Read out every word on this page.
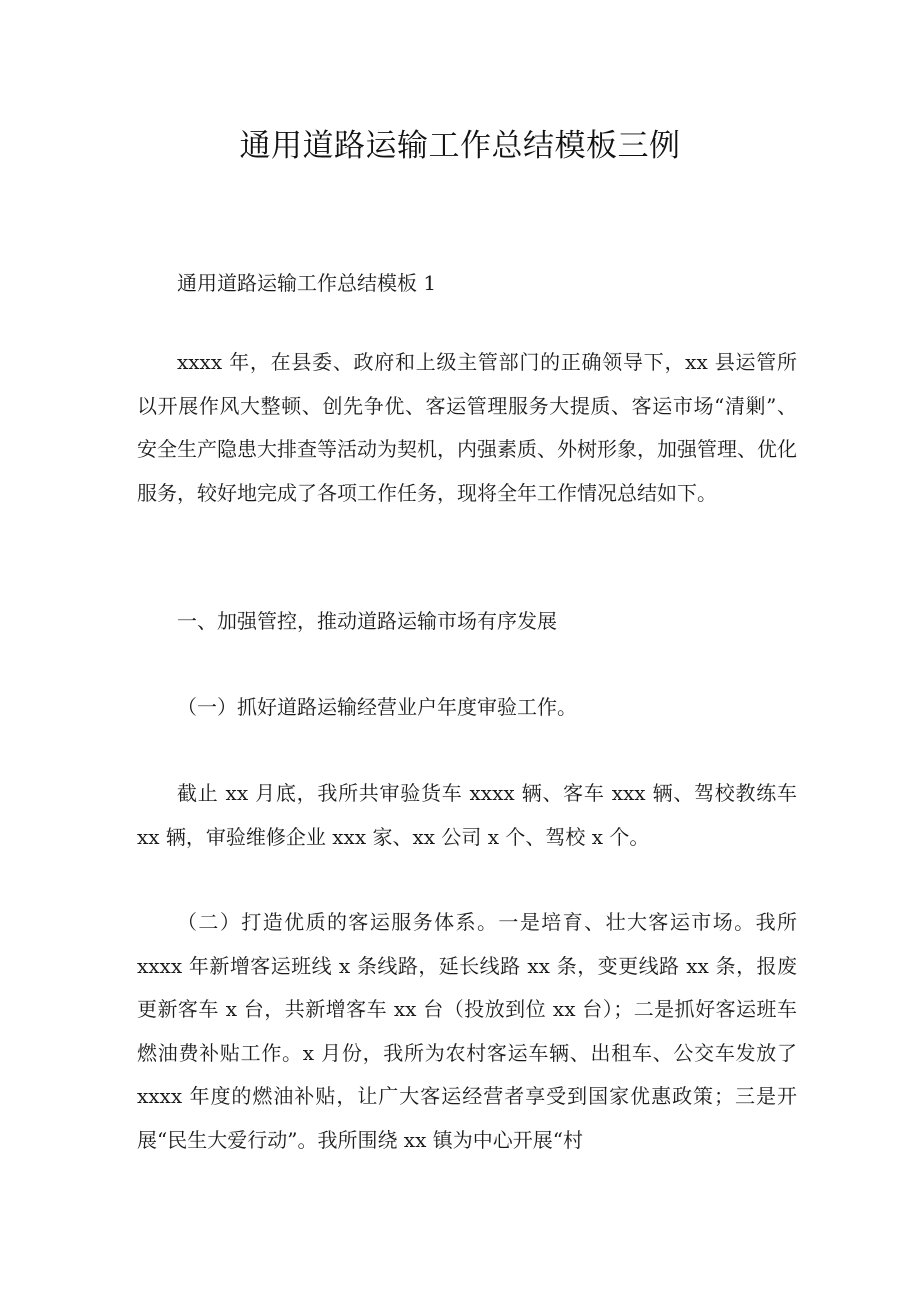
通用道路运输工作总结模板三例

通用道路运输工作总结模板 1

xxxx 年，在县委、政府和上级主管部门的正确领导下，xx 县运管所以开展作风大整顿、创先争优、客运管理服务大提质、客运市场“清剿”、安全生产隐患大排查等活动为契机，内强素质、外树形象，加强管理、优化服务，较好地完成了各项工作任务，现将全年工作情况总结如下。

一、加强管控，推动道路运输市场有序发展

（一）抓好道路运输经营业户年度审验工作。

截止 xx 月底，我所共审验货车 xxxx 辆、客车 xxx 辆、驾校教练车 xx 辆，审验维修企业 xxx 家、xx 公司 x 个、驾校 x 个。

（二）打造优质的客运服务体系。一是培育、壮大客运市场。我所 xxxx 年新增客运班线 x 条线路，延长线路 xx 条，变更线路 xx 条，报废更新客车 x 台，共新增客车 xx 台（投放到位 xx 台）；二是抓好客运班车燃油费补贴工作。x 月份，我所为农村客运车辆、出租车、公交车发放了 xxxx 年度的燃油补贴，让广大客运经营者享受到国家优惠政策；三是开展“民生大爱行动”。我所围绕 xx 镇为中心开展“村
